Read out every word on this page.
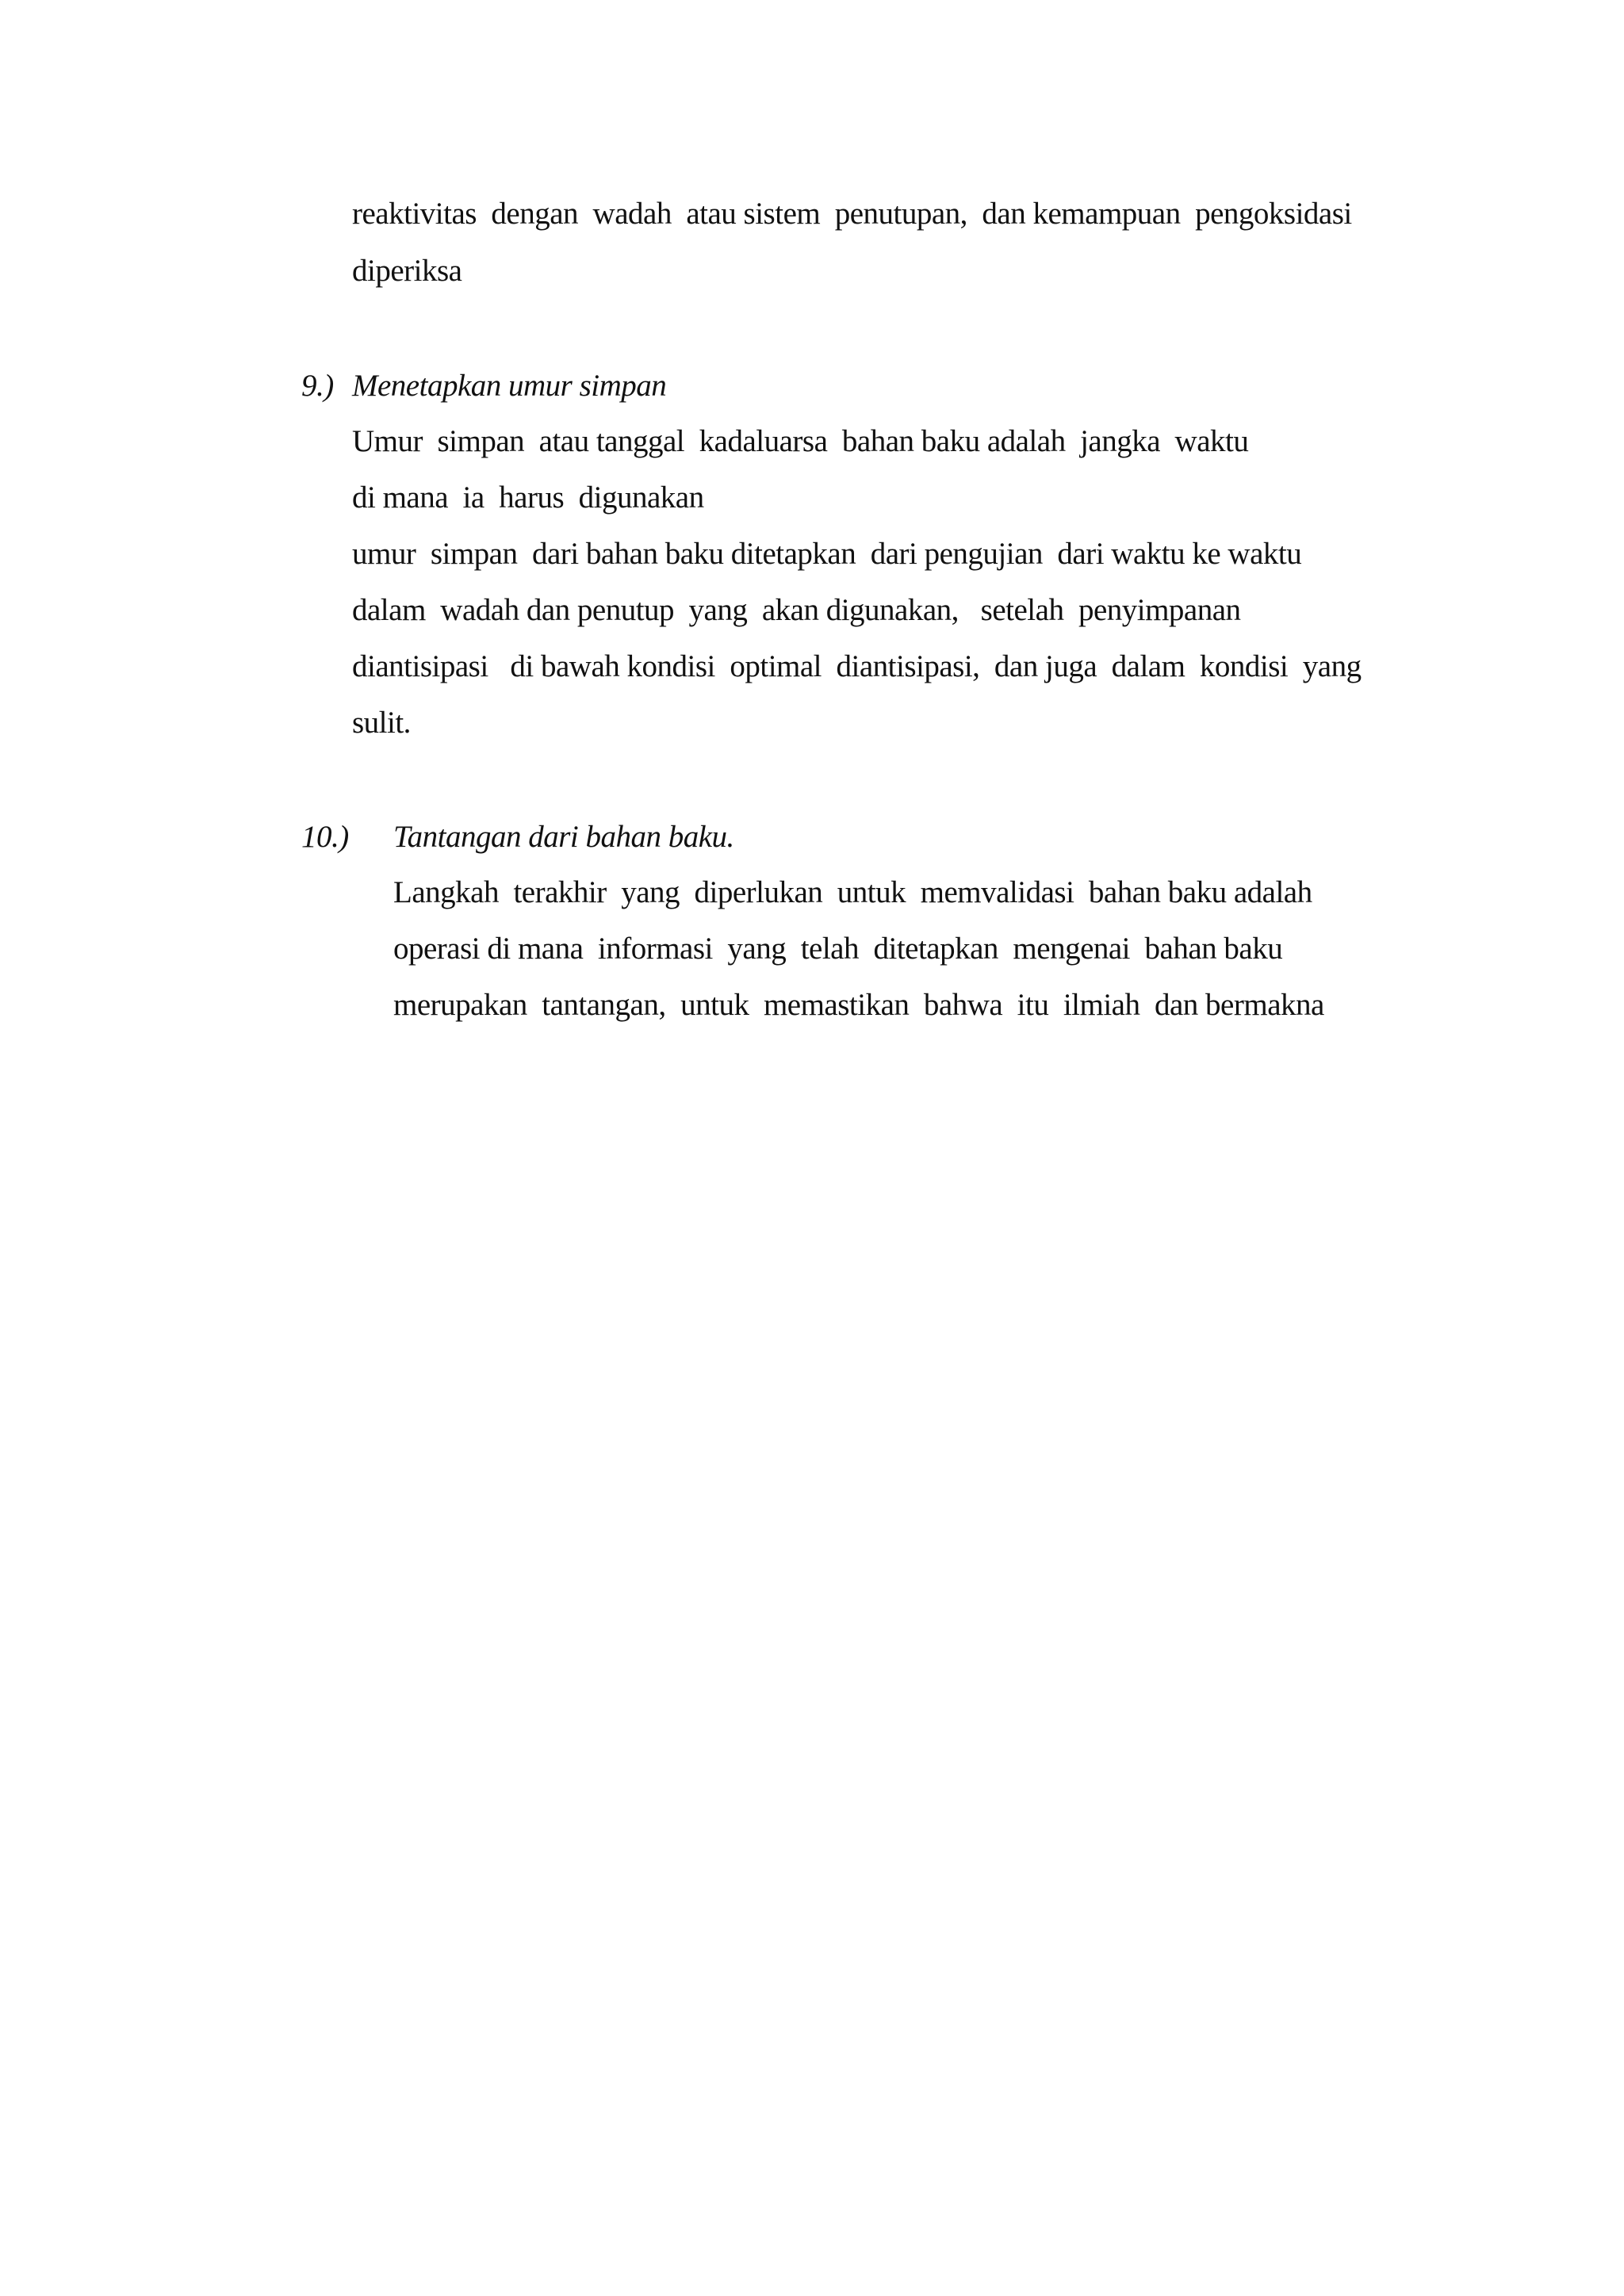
reaktivitas  dengan  wadah  atau sistem  penutupan,  dan kemampuan  pengoksidasi
diperiksa
9.) Menetapkan umur simpan
Umur  simpan  atau tanggal  kadaluarsa  bahan baku adalah  jangka  waktu
di mana  ia  harus  digunakan
umur  simpan  dari bahan baku ditetapkan  dari pengujian  dari waktu ke waktu
dalam  wadah dan penutup  yang  akan digunakan,   setelah  penyimpanan
diantisipasi   di bawah kondisi  optimal  diantisipasi,  dan juga  dalam  kondisi  yang
sulit.
10.) Tantangan dari bahan baku.
Langkah  terakhir  yang  diperlukan  untuk  memvalidasi  bahan baku adalah
operasi di mana  informasi  yang  telah  ditetapkan  mengenai  bahan baku
merupakan  tantangan,  untuk  memastikan  bahwa  itu  ilmiah  dan bermakna
